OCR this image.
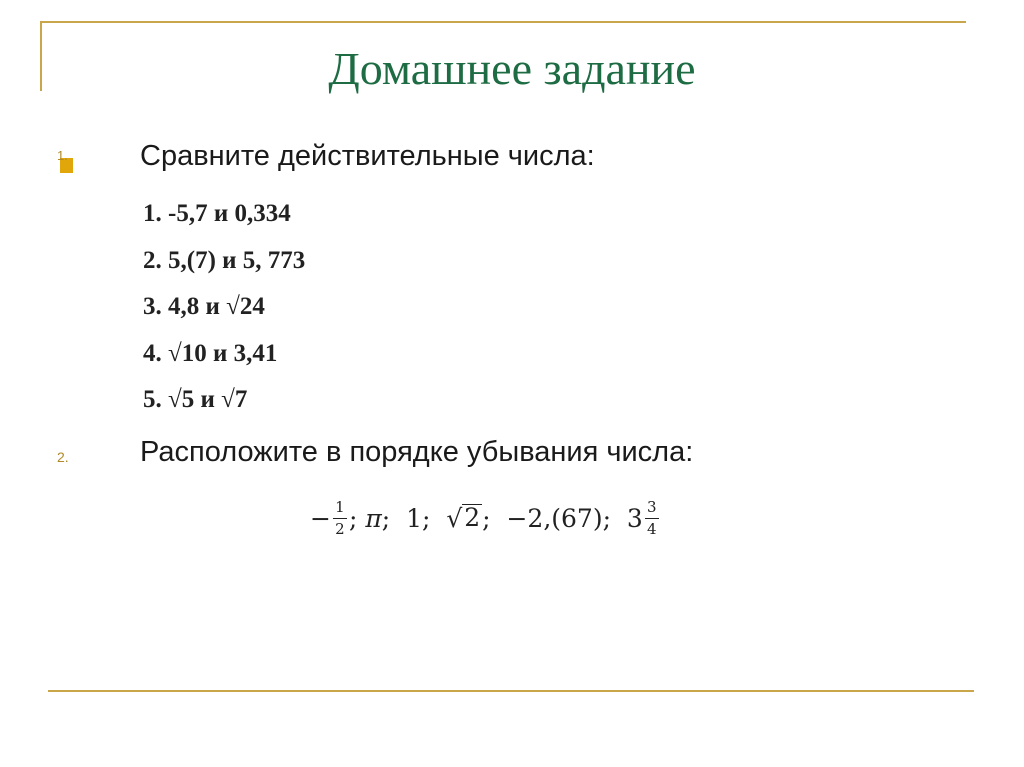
Домашнее задание
1. Сравните действительные числа:
1. -5,7 и 0,334
2. 5,(7) и 5, 773
3. 4,8 и √24
4. √10 и 3,41
5. √5 и √7
2. Расположите в порядке убывания числа:
− $\frac{1}{2}$ ; π ;  1; √ 2 ;  −2,(67);  $3 \frac{3}{4}$
